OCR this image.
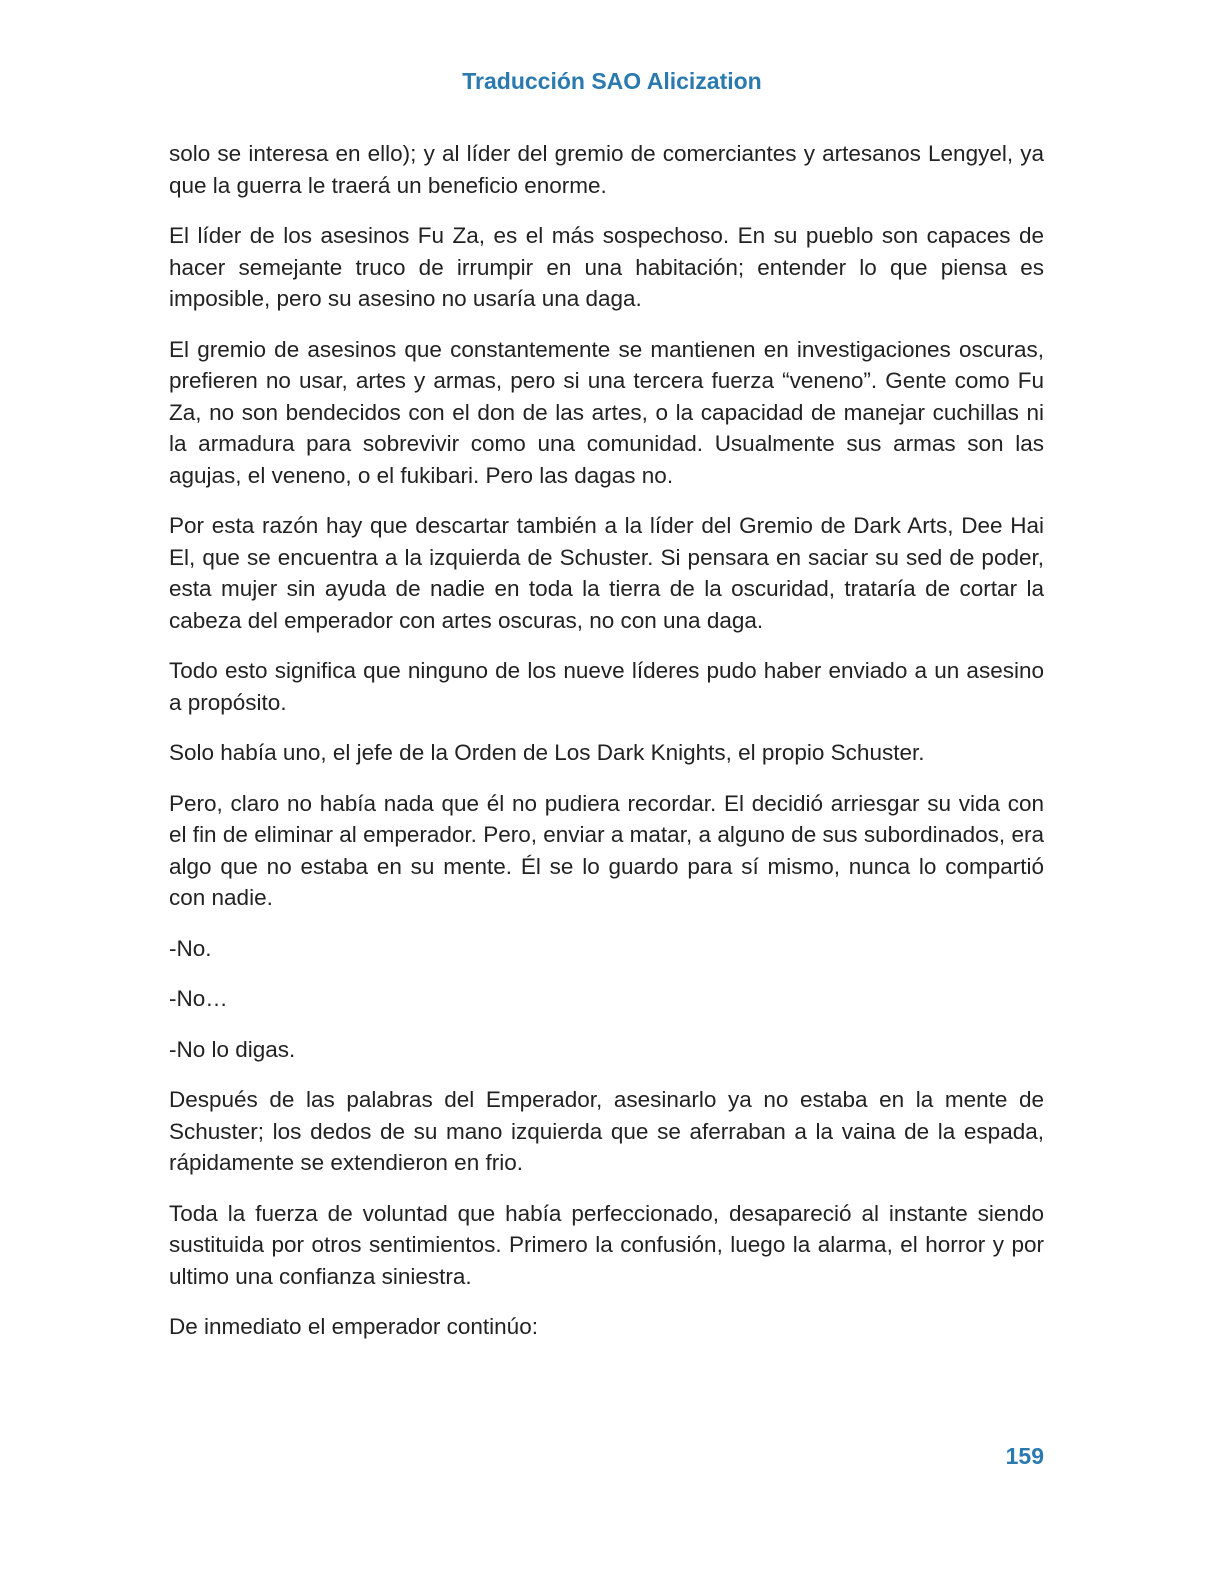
Traducción SAO Alicization

solo se interesa en ello); y al líder del gremio de comerciantes y artesanos Lengyel, ya que la guerra le traerá un beneficio enorme.

El líder de los asesinos Fu Za, es el más sospechoso. En su pueblo son capaces de hacer semejante truco de irrumpir en una habitación; entender lo que piensa es imposible, pero su asesino no usaría una daga.

El gremio de asesinos que constantemente se mantienen en investigaciones oscuras, prefieren no usar, artes y armas, pero si una tercera fuerza “veneno”. Gente como Fu Za, no son bendecidos con el don de las artes, o la capacidad de manejar cuchillas ni la armadura para sobrevivir como una comunidad. Usualmente sus armas son las agujas, el veneno, o el fukibari. Pero las dagas no.

Por esta razón hay que descartar también a la líder del Gremio de Dark Arts, Dee Hai El, que se encuentra a la izquierda de Schuster. Si pensara en saciar su sed de poder, esta mujer sin ayuda de nadie en toda la tierra de la oscuridad, trataría de cortar la cabeza del emperador con artes oscuras, no con una daga.

Todo esto significa que ninguno de los nueve líderes pudo haber enviado a un asesino a propósito.

Solo había uno, el jefe de la Orden de Los Dark Knights, el propio Schuster.

Pero, claro no había nada que él no pudiera recordar. El decidió arriesgar su vida con el fin de eliminar al emperador. Pero, enviar a matar, a alguno de sus subordinados, era algo que no estaba en su mente. Él se lo guardo para sí mismo, nunca lo compartió con nadie.

-No.

-No…

-No lo digas.

Después de las palabras del Emperador, asesinarlo ya no estaba en la mente de Schuster; los dedos de su mano izquierda que se aferraban a la vaina de la espada, rápidamente se extendieron en frio.

Toda la fuerza de voluntad que había perfeccionado, desapareció al instante siendo sustituida por otros sentimientos. Primero la confusión, luego la alarma, el horror y por ultimo una confianza siniestra.

De inmediato el emperador continúo:

159
